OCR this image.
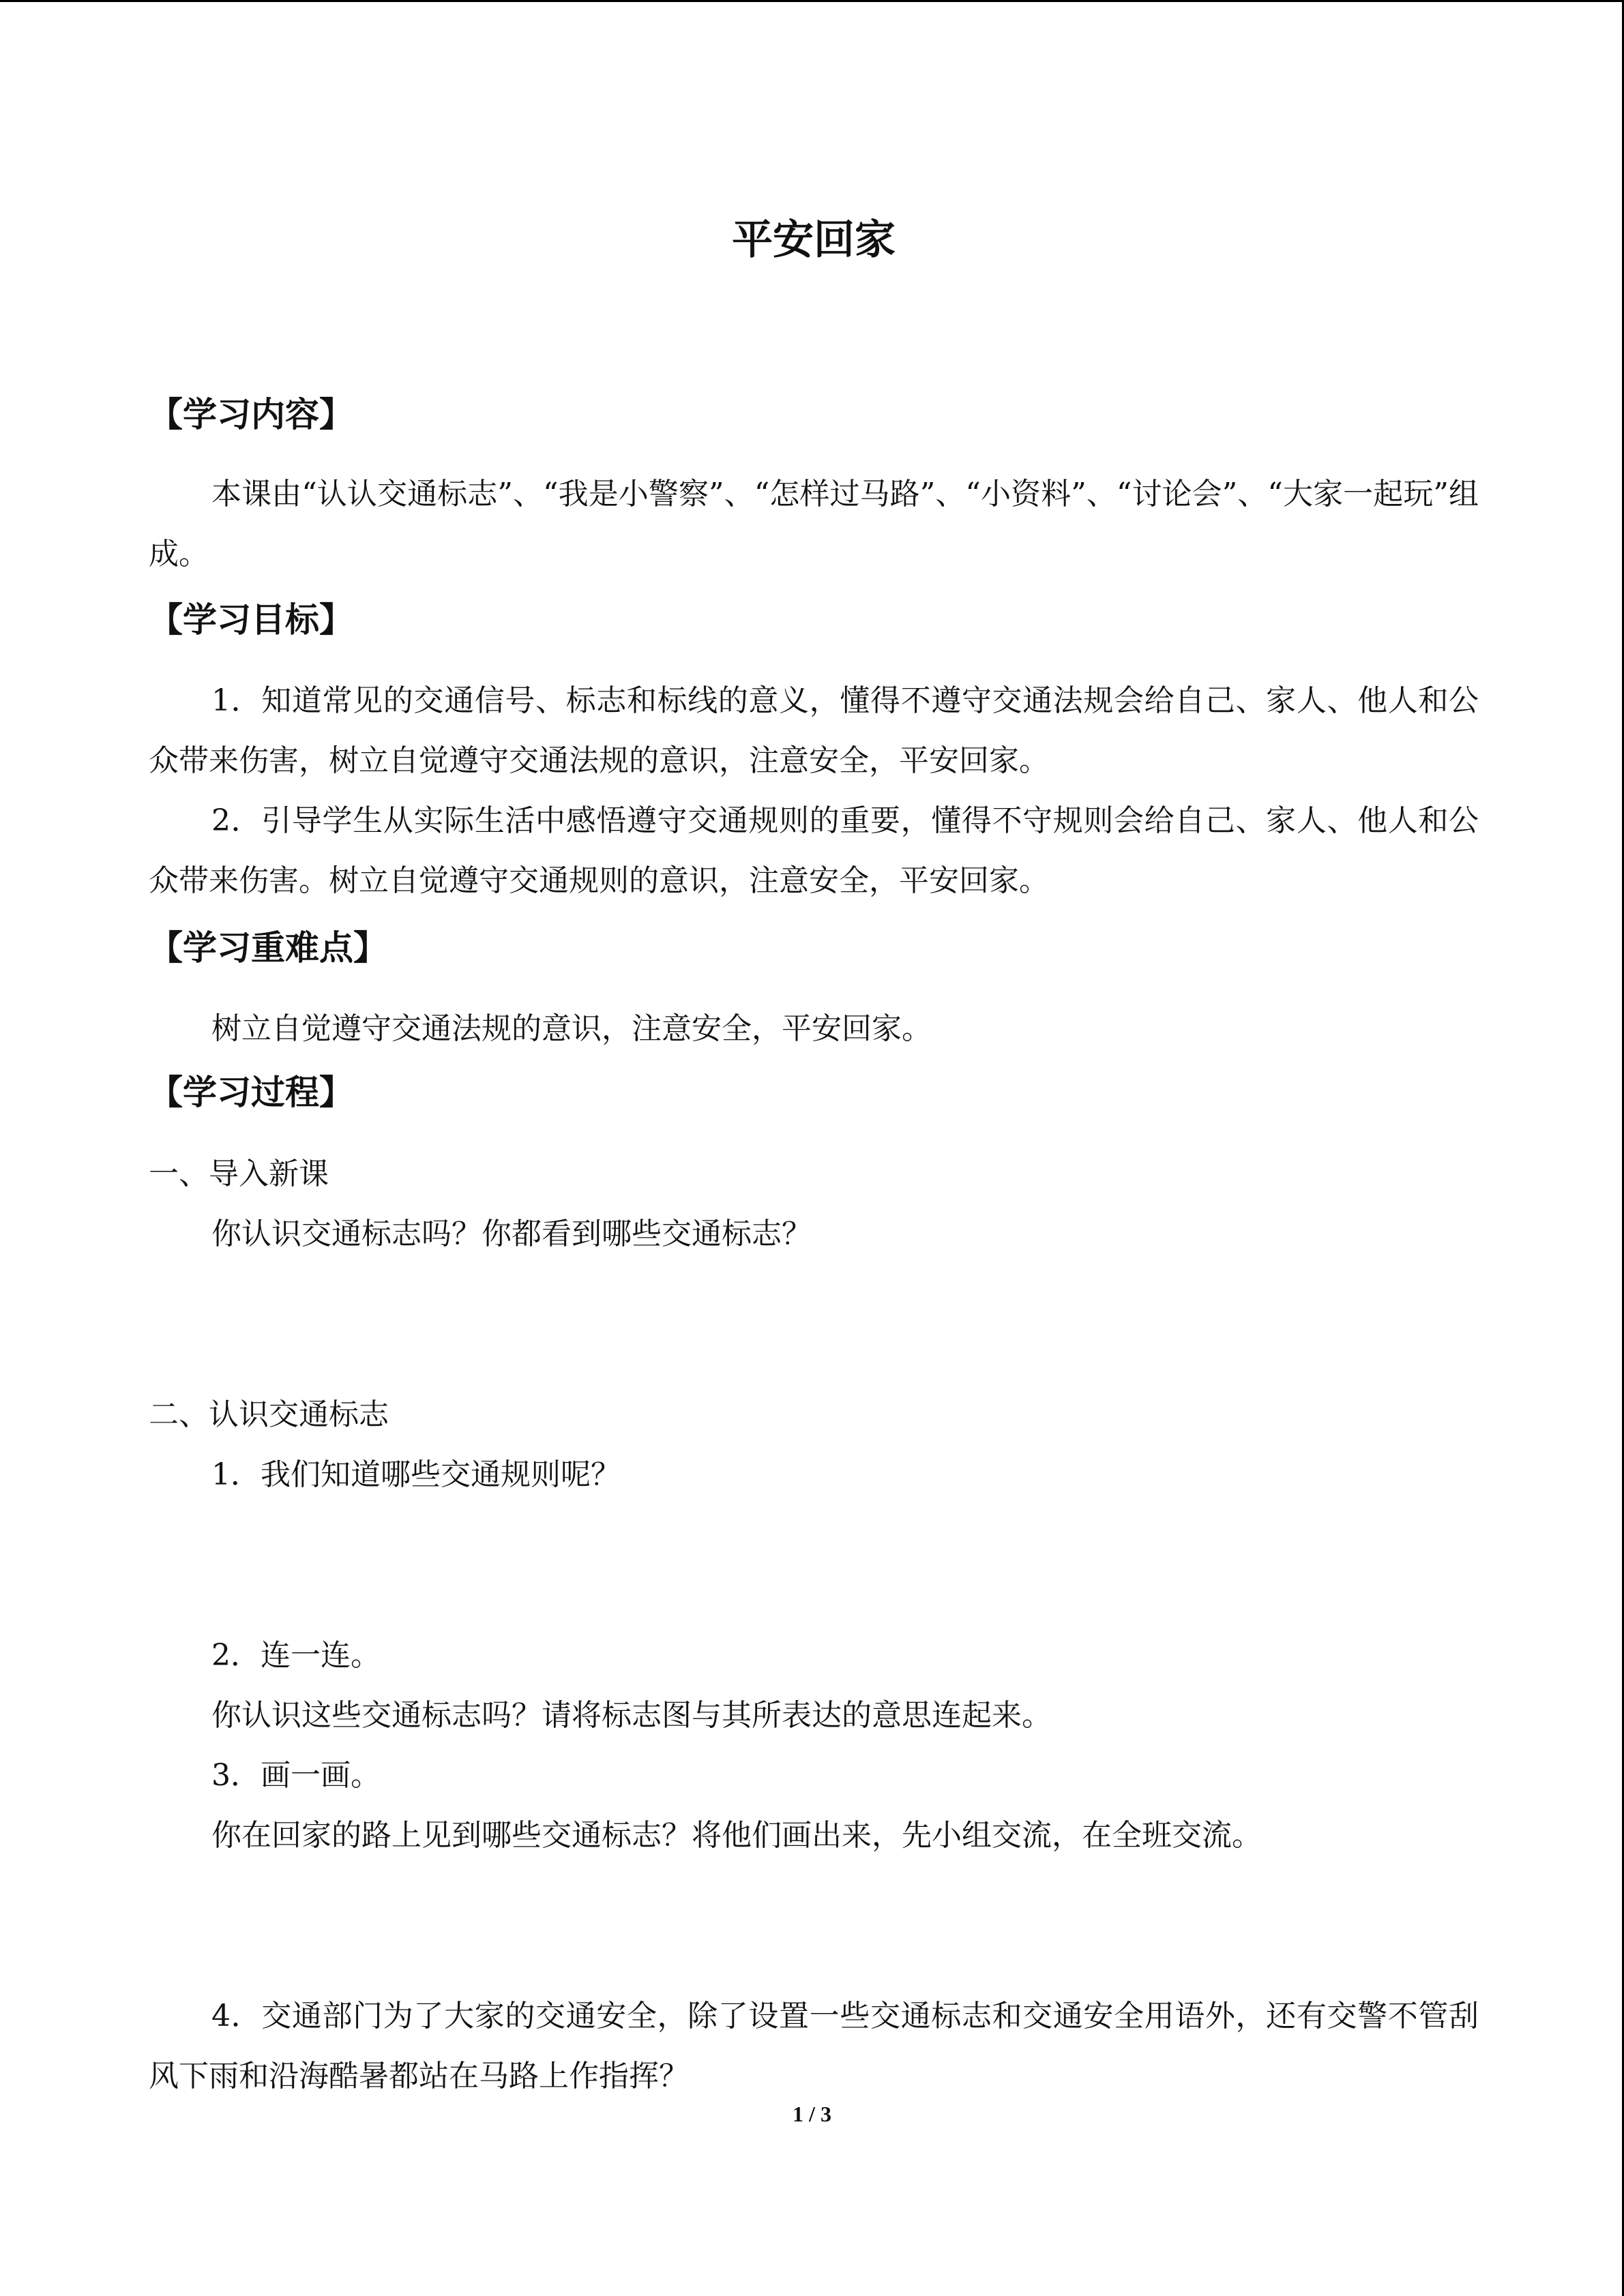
平安回家
【学习内容】
本课由“认认交通标志”、“我是小警察”、“怎样过马路”、“小资料”、“讨论会”、“大家一起玩”组成。
【学习目标】
1．知道常见的交通信号、标志和标线的意义，懂得不遵守交通法规会给自己、家人、他人和公众带来伤害，树立自觉遵守交通法规的意识，注意安全，平安回家。
2．引导学生从实际生活中感悟遵守交通规则的重要，懂得不守规则会给自己、家人、他人和公众带来伤害。树立自觉遵守交通规则的意识，注意安全，平安回家。
【学习重难点】
树立自觉遵守交通法规的意识，注意安全，平安回家。
【学习过程】
一、导入新课
你认识交通标志吗？你都看到哪些交通标志？
二、认识交通标志
1．我们知道哪些交通规则呢？
2．连一连。
你认识这些交通标志吗？请将标志图与其所表达的意思连起来。
3．画一画。
你在回家的路上见到哪些交通标志？将他们画出来，先小组交流，在全班交流。
4．交通部门为了大家的交通安全，除了设置一些交通标志和交通安全用语外，还有交警不管刮风下雨和沿海酷暑都站在马路上作指挥？
1 / 3
